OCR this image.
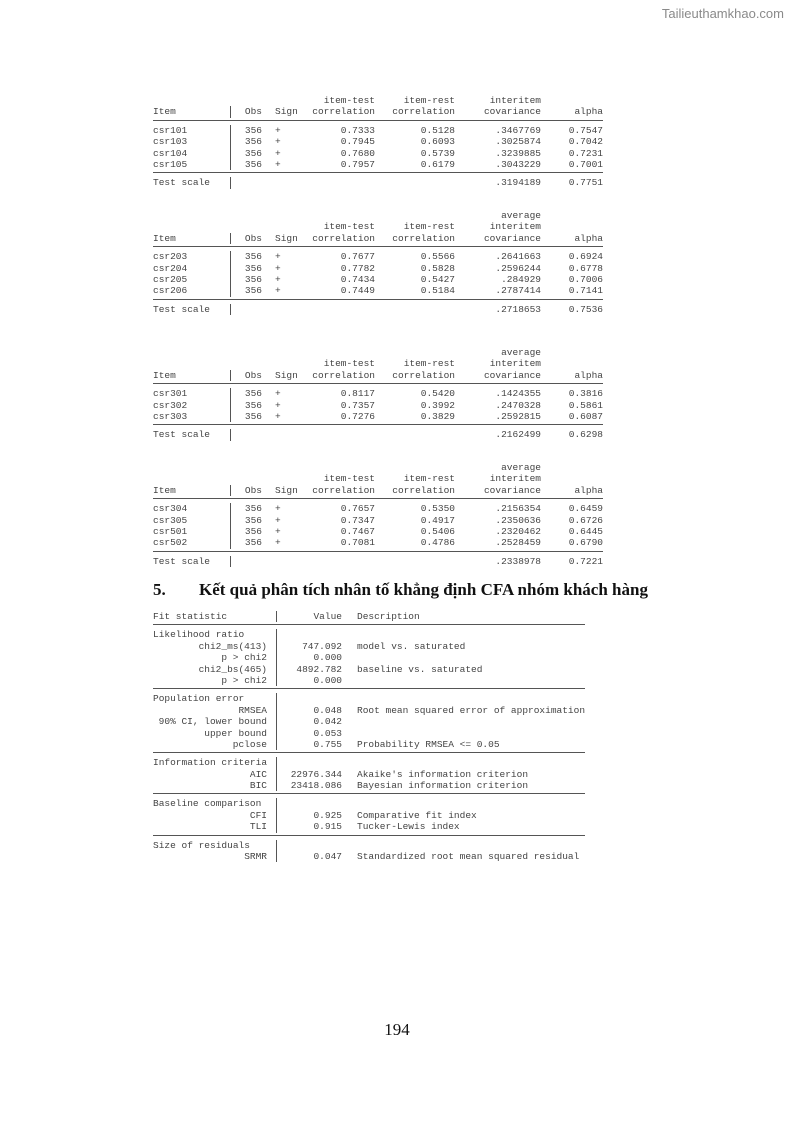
Tailieuthamkhao.com
item-test	item-rest	interitem
Item	Obs Sign correlation correlation	covariance	alpha
csr101	356 +	0.7333	0.5128	.3467769	0.7547
csr103	356 +	0.7945	0.6093	.3025874	0.7042
csr104	356 +	0.7680	0.5739	.3239885	0.7231
csr105	356 +	0.7957	0.6179	.3043229	0.7001
Test scale	.3194189	0.7751
average
item-test	item-rest	interitem
Item	Obs Sign correlation correlation	covariance	alpha
csr203	356 +	0.7677	0.5566	.2641663	0.6924
csr204	356 +	0.7782	0.5828	.2596244	0.6778
csr205	356 +	0.7434	0.5427	.284929	0.7006
csr206	356 +	0.7449	0.5184	.2787414	0.7141
Test scale	.2718653	0.7536
average
item-test	item-rest	interitem
Item	Obs Sign correlation correlation	covariance	alpha
csr301	356 +	0.8117	0.5420	.1424355	0.3816
csr302	356 +	0.7357	0.3992	.2470328	0.5861
csr303	356 +	0.7276	0.3829	.2592815	0.6087
Test scale	.2162499	0.6298
average
item-test	item-rest	interitem
Item	Obs Sign correlation correlation	covariance	alpha
csr304	356 +	0.7657	0.5350	.2156354	0.6459
csr305	356 +	0.7347	0.4917	.2350636	0.6726
csr501	356 +	0.7467	0.5406	.2320462	0.6445
csr502	356 +	0.7081	0.4786	.2528459	0.6790
Test scale	.2338978	0.7221
5. Kết quả phân tích nhân tố khẳng định CFA nhóm khách hàng
Fit statistic	Value Description
Likelihood ratio
chi2_ms(413)	747.092 model vs. saturated
p > chi2	0.000
chi2_bs(465)	4892.782 baseline vs. saturated
p > chi2	0.000
Population error
RMSEA	0.048 Root mean squared error of approximation
90% CI, lower bound	0.042
upper bound	0.053
pclose	0.755 Probability RMSEA <= 0.05
Information criteria
AIC 22976.344 Akaike's information criterion
BIC 23418.086 Bayesian information criterion
Baseline comparison
CFI	0.925 Comparative fit index
TLI	0.915 Tucker-Lewis index
Size of residuals
SRMR	0.047 Standardized root mean squared residual
194
